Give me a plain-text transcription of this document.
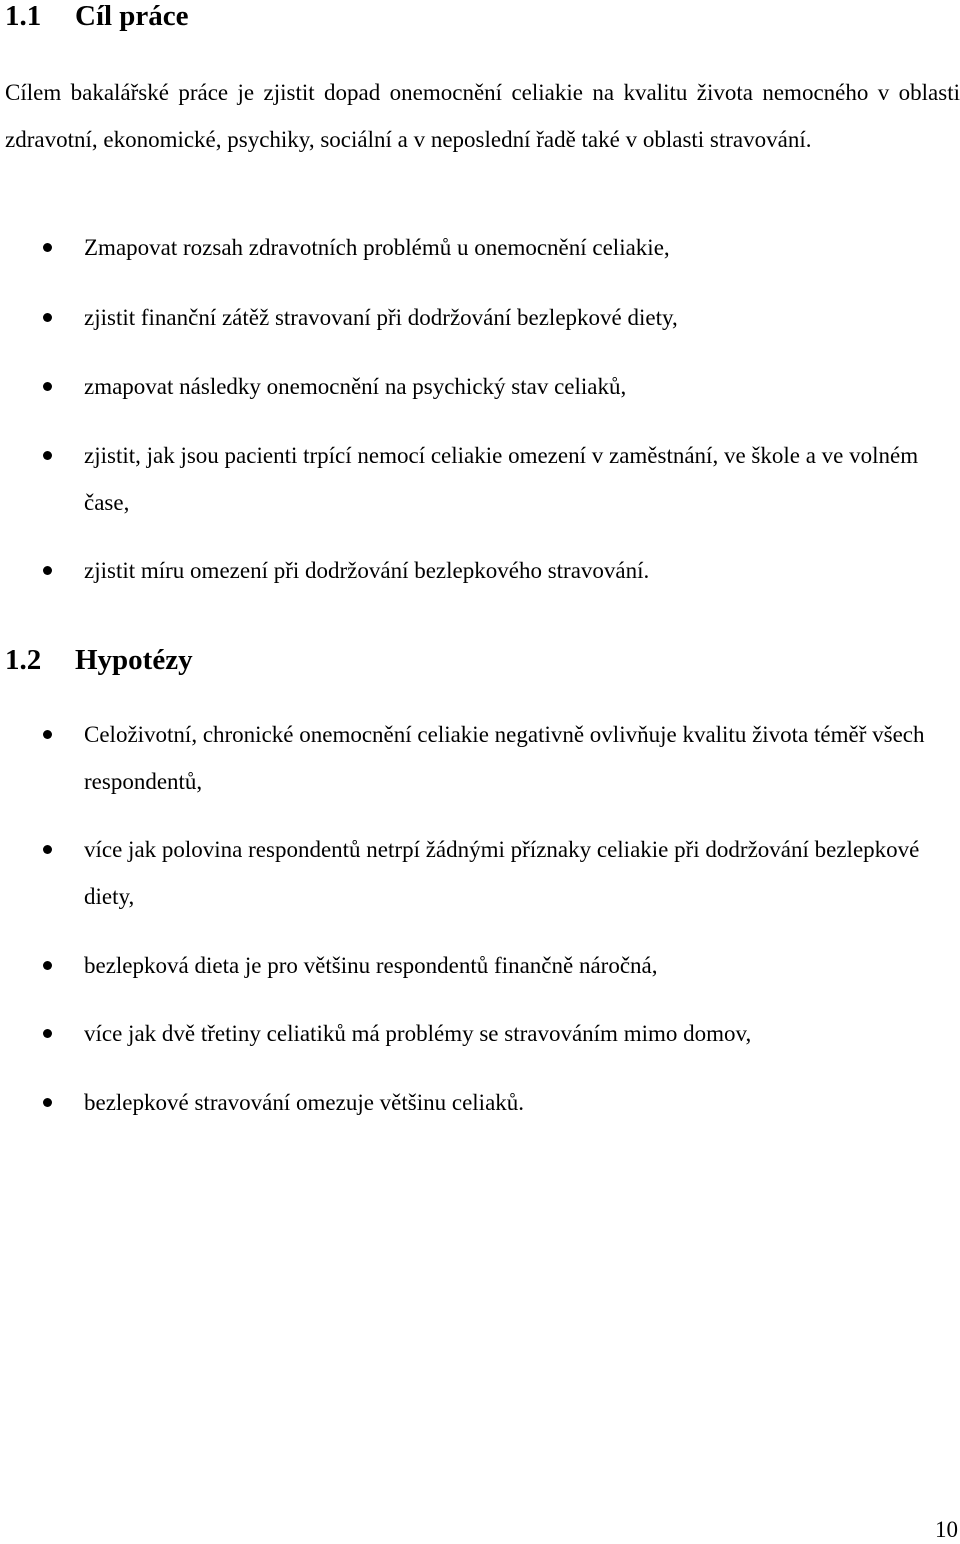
1.1 Cíl práce

Cílem bakalářské práce je zjistit dopad onemocnění celiakie na kvalitu života nemocného v oblasti zdravotní, ekonomické, psychiky, sociální a v neposlední řadě také v oblasti stravování.

Zmapovat rozsah zdravotních problémů u onemocnění celiakie,

zjistit finanční zátěž stravovaní při dodržování bezlepkové diety,

zmapovat následky onemocnění na psychický stav celiaků,

zjistit, jak jsou pacienti trpící nemocí celiakie omezení v zaměstnání, ve škole a ve volném čase,

zjistit míru omezení při dodržování bezlepkového stravování.

1.2 Hypotézy

Celoživotní, chronické onemocnění celiakie negativně ovlivňuje kvalitu života téměř všech respondentů,

více jak polovina respondentů netrpí žádnými příznaky celiakie při dodržování bezlepkové diety,

bezlepková dieta je pro většinu respondentů finančně náročná,

více jak dvě třetiny celiatiků má problémy se stravováním mimo domov,

bezlepkové stravování omezuje většinu celiaků.

10
